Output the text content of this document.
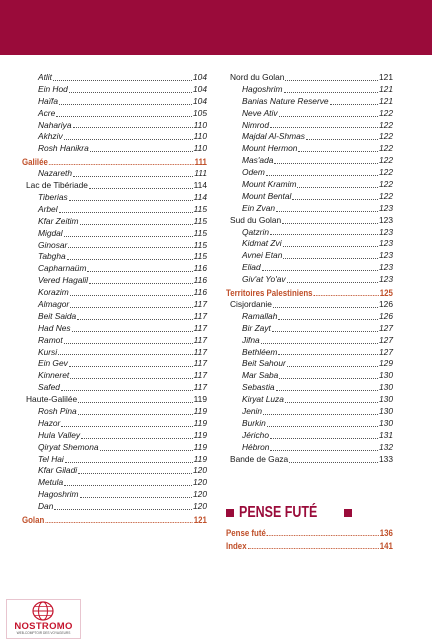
Atlit	104
Ein Hod	104
Haïfa	104
Acre	105
Nahariya	110
Akhziv	110
Rosh Hanikra	110
Galilée	111
Nazareth	111
Lac de Tibériade	114
Tiberias	114
Arbel	115
Kfar Zeitim	115
Migdal	115
Ginosar	115
Tabgha	115
Capharnaüm	116
Vered Hagalil	116
Korazim	116
Almagor	117
Beit Saida	117
Had Nes	117
Ramot	117
Kursi	117
Ein Gev	117
Kinneret	117
Safed	117
Haute-Galilée	119
Rosh Pina	119
Hazor	119
Hula Valley	119
Qiryat Shemona	119
Tel Hai	119
Kfar Giladi	120
Metula	120
Hagoshrim	120
Dan	120
Golan	121
Nord du Golan	121
Hagoshrim	121
Banias Nature Reserve	121
Neve Ativ	122
Nimrod	122
Majdal Al-Shmas	122
Mount Hermon	122
Mas'ada	122
Odem	122
Mount Kramim	122
Mount Bental	122
Ein Zvan	123
Sud du Golan	123
Qatzrin	123
Kidmat Zvi	123
Avnei Etan	123
Eliad	123
Giv'at Yo'av	123
Territoires Palestiniens	125
Cisjordanie	126
Ramallah	126
Bir Zayt	127
Jifna	127
Bethléem	127
Beit Sahour	129
Mar Saba	130
Sebastia	130
Kiryat Luza	130
Jenin	130
Burkin	130
Jéricho	131
Hébron	132
Bande de Gaza	133
PENSE FUTÉ
Pense futé	136
Index	141
NOSTROMO
WEB-COMPTOIR DES VOYAGEURS
